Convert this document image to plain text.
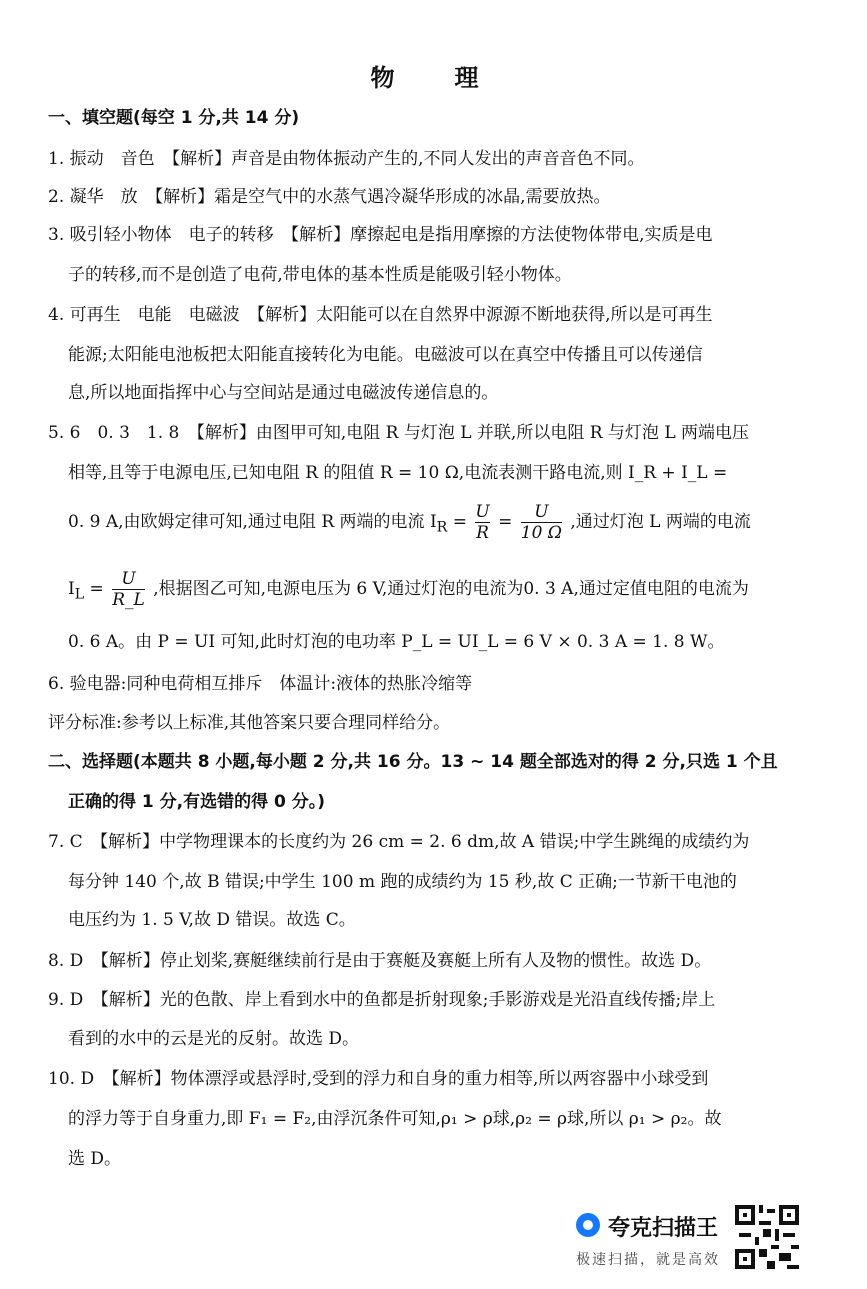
物　理
一、填空题(每空 1 分,共 14 分)
1. 振动　音色　【解析】声音是由物体振动产生的,不同人发出的声音音色不同。
2. 凝华　放　【解析】霜是空气中的水蒸气遇冷凝华形成的冰晶,需要放热。
3. 吸引轻小物体　电子的转移　【解析】摩擦起电是指用摩擦的方法使物体带电,实质是电
子的转移,而不是创造了电荷,带电体的基本性质是能吸引轻小物体。
4. 可再生　电能　电磁波　【解析】太阳能可以在自然界中源源不断地获得,所以是可再生
能源;太阳能电池板把太阳能直接转化为电能。电磁波可以在真空中传播且可以传递信
息,所以地面指挥中心与空间站是通过电磁波传递信息的。
5. 6　0. 3　1. 8　【解析】由图甲可知,电阻 R 与灯泡 L 并联,所以电阻 R 与灯泡 L 两端电压
相等,且等于电源电压,已知电阻 R 的阻值 R = 10 Ω,电流表测干路电流,则 I_R + I_L =
0. 9 A,由欧姆定律可知,通过电阻 R 两端的电流 $I_R = \frac{U}{R} = \frac{U}{10 \Omega}$ ,通过灯泡 L 两端的电流
$I_L = \frac{U}{R\_L}$ ,根据图乙可知,电源电压为 6 V,通过灯泡的电流为0. 3 A,通过定值电阻的电流为
0. 6 A。由 P = UI 可知,此时灯泡的电功率 P_L = UI_L = 6 V × 0. 3 A = 1. 8 W。
6. 验电器:同种电荷相互排斥　体温计:液体的热胀冷缩等
评分标准:参考以上标准,其他答案只要合理同样给分。
二、选择题(本题共 8 小题,每小题 2 分,共 16 分。13 ~ 14 题全部选对的得 2 分,只选 1 个且
正确的得 1 分,有选错的得 0 分。)
7. C　【解析】中学物理课本的长度约为 26 cm = 2. 6 dm,故 A 错误;中学生跳绳的成绩约为
每分钟 140 个,故 B 错误;中学生 100 m 跑的成绩约为 15 秒,故 C 正确;一节新干电池的
电压约为 1. 5 V,故 D 错误。故选 C。
8. D　【解析】停止划桨,赛艇继续前行是由于赛艇及赛艇上所有人及物的惯性。故选 D。
9. D　【解析】光的色散、岸上看到水中的鱼都是折射现象;手影游戏是光沿直线传播;岸上
看到的水中的云是光的反射。故选 D。
10. D　【解析】物体漂浮或悬浮时,受到的浮力和自身的重力相等,所以两容器中小球受到
的浮力等于自身重力,即 F₁ = F₂,由浮沉条件可知,ρ₁ > ρ球,ρ₂ = ρ球,所以 ρ₁ > ρ₂。故
选 D。
夸克扫描王
极速扫描，就是高效
